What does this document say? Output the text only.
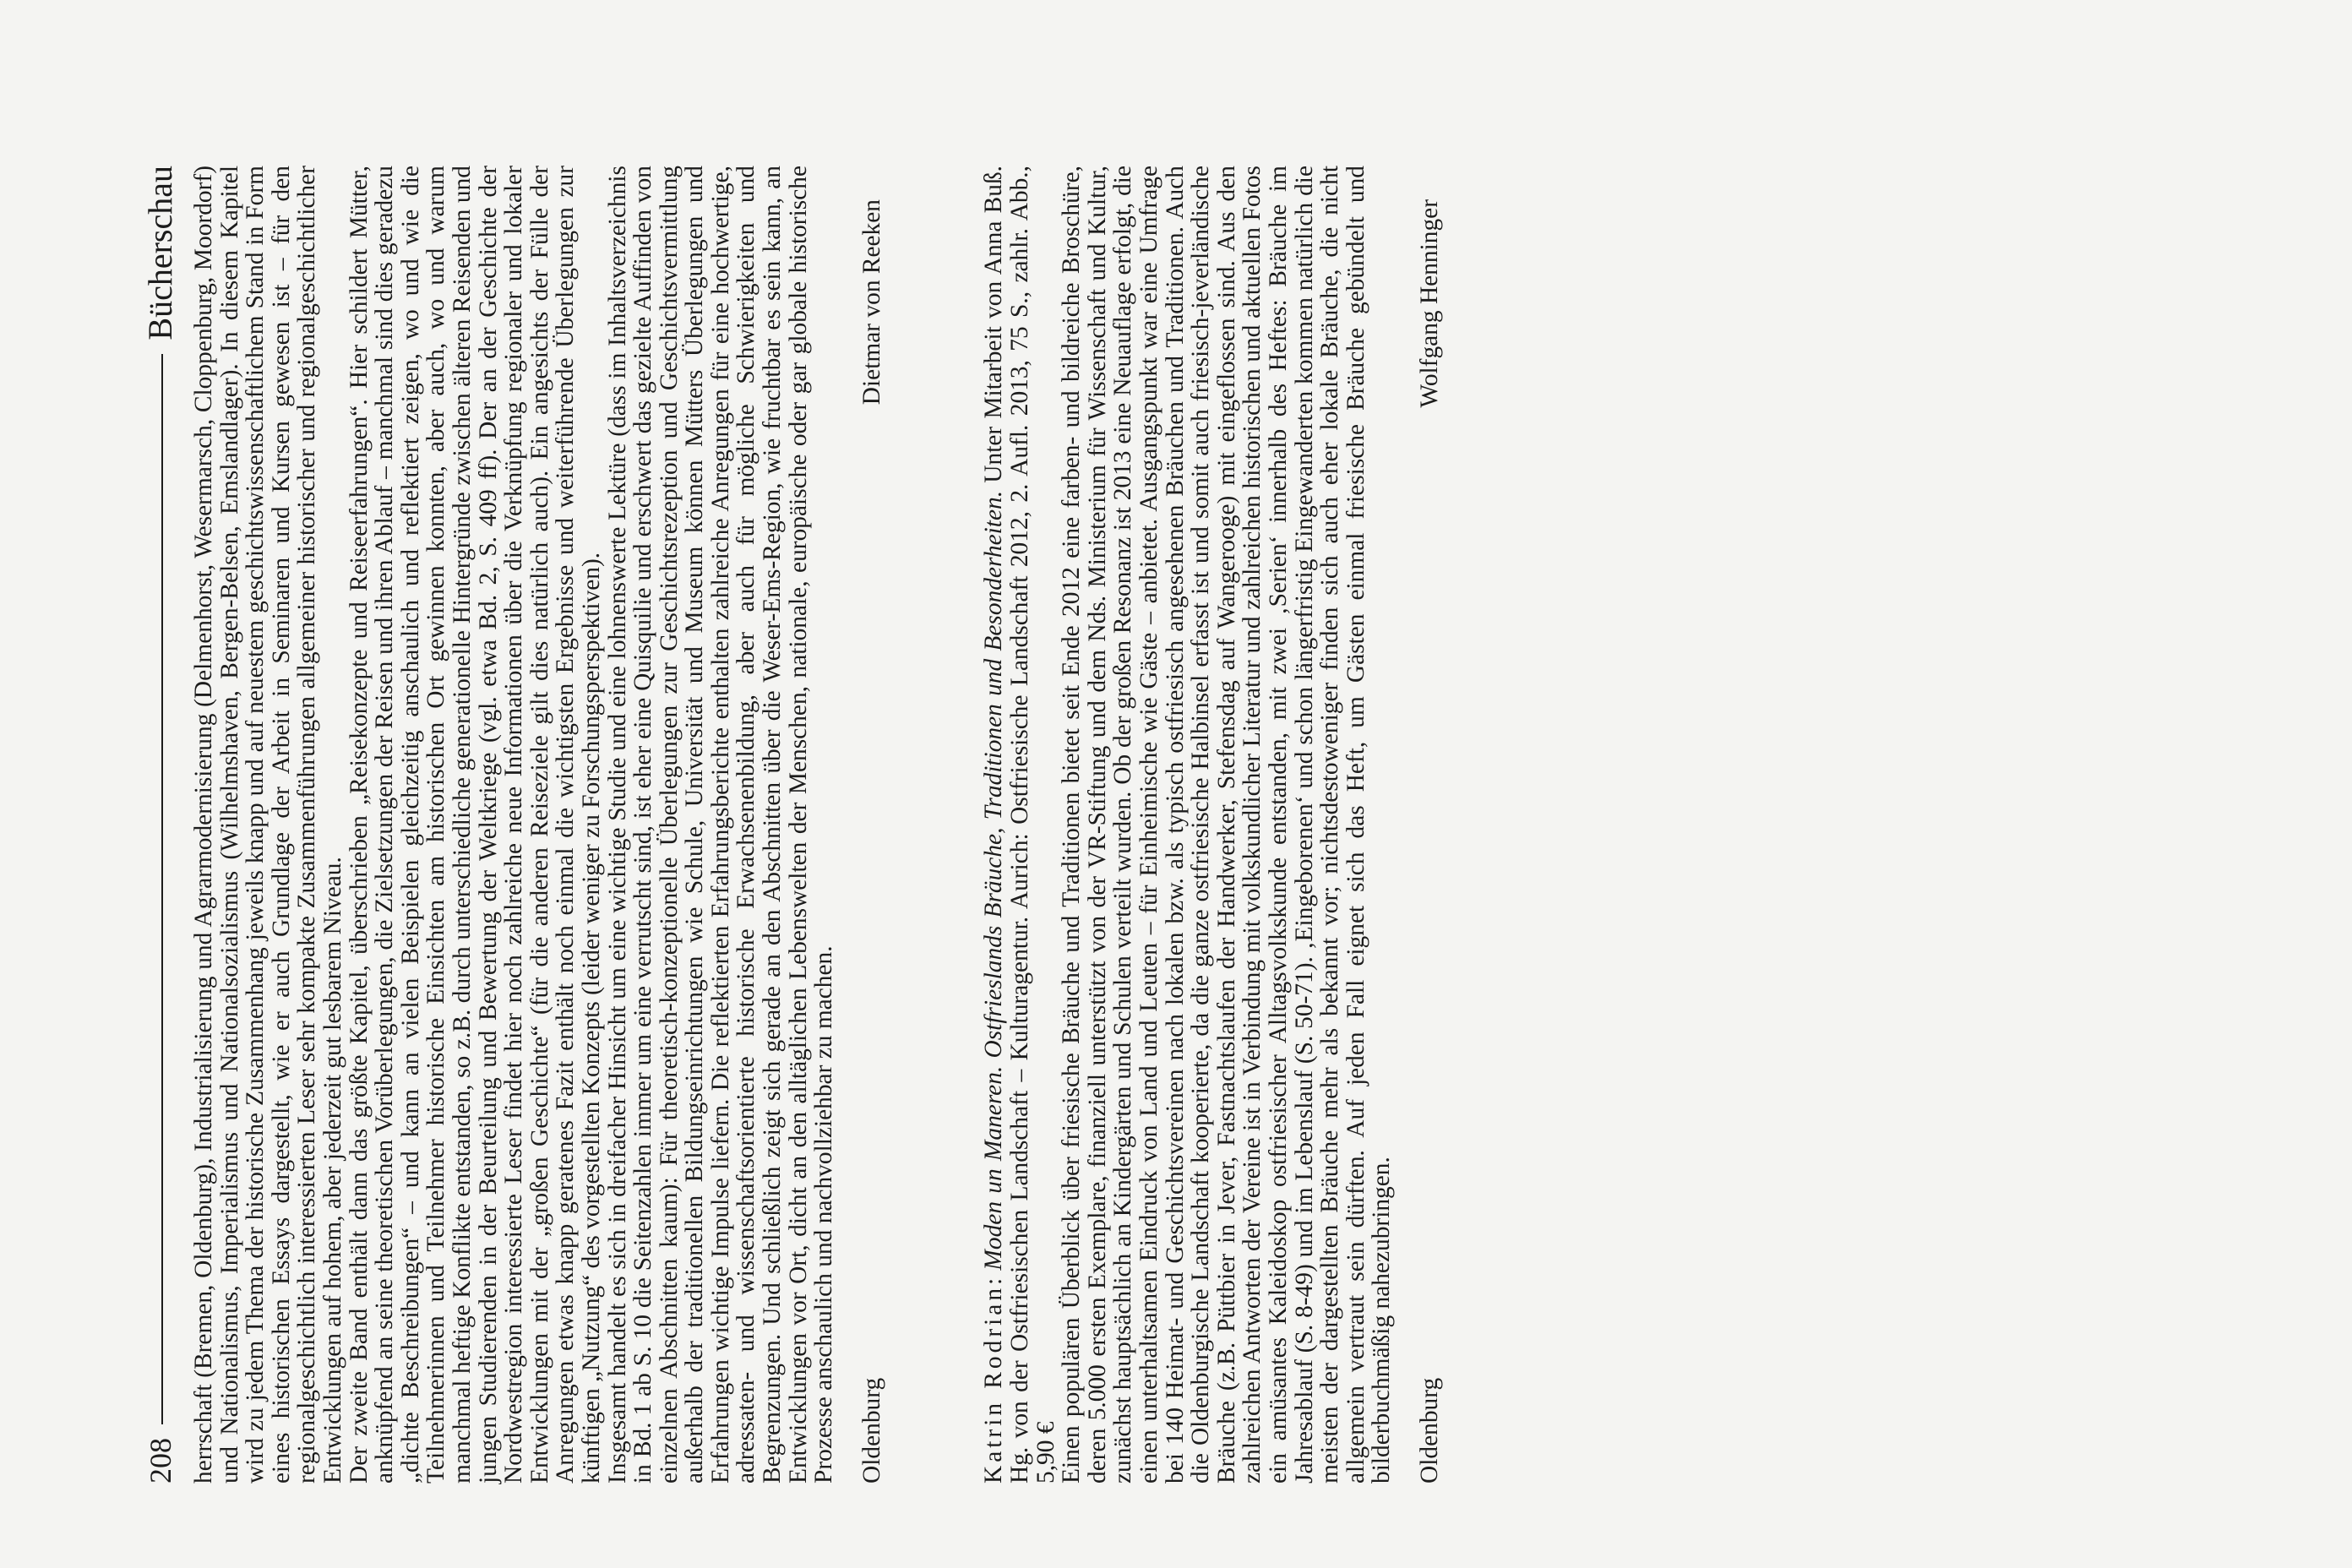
208
Bücherschau herrschaft (Bremen, Oldenburg), Industrialisierung und Agrarmodernisierung (Delmenhorst, Wesermarsch, Cloppenburg, Moordorf) und Nationalismus, Imperialismus und Nationalsozialismus (Wilhelmshaven, Bergen-Belsen, Emslandlager). In diesem Kapitel wird zu jedem Thema der historische Zusammenhang jeweils knapp und auf neuestem geschichtswissenschaftlichem Stand in Form eines historischen Essays dargestellt, wie er auch Grundlage der Arbeit in Seminaren und Kursen gewesen ist – für den regionalgeschichtlich interessierten Leser sehr kompakte Zusammenführungen allgemeiner historischer und regionalgeschichtlicher Entwicklungen auf hohem, aber jederzeit gut lesbarem Niveau.

Der zweite Band enthält dann das größte Kapitel, überschrieben „Reisekonzepte und Reiseerfahrungen“. Hier schildert Mütter, anknüpfend an seine theoretischen Vorüberlegungen, die Zielsetzungen der Reisen und ihren Ablauf – manchmal sind dies geradezu „dichte Beschreibungen“ – und kann an vielen Beispielen gleichzeitig anschaulich und reflektiert zeigen, wo und wie die Teilnehmerinnen und Teilnehmer historische Einsichten am historischen Ort gewinnen konnten, aber auch, wo und warum manchmal heftige Konflikte entstanden, so z.B. durch unterschiedliche generationelle Hintergründe zwischen älteren Reisenden und jungen Studierenden in der Beurteilung und Bewertung der Weltkriege (vgl. etwa Bd. 2, S. 409 ff). Der an der Geschichte der Nordwestregion interessierte Leser findet hier noch zahlreiche neue Informationen über die Verknüpfung regionaler und lokaler Entwicklungen mit der „großen Geschichte“ (für die anderen Reiseziele gilt dies natürlich auch). Ein angesichts der Fülle der Anregungen etwas knapp geratenes Fazit enthält noch einmal die wichtigsten Ergebnisse und weiterführende Überlegungen zur künftigen „Nutzung“ des vorgestellten Konzepts (leider weniger zu Forschungsperspektiven).

Insgesamt handelt es sich in dreifacher Hinsicht um eine wichtige Studie und eine lohnenswerte Lektüre (dass im Inhaltsverzeichnis in Bd. 1 ab S. 10 die Seitenzahlen immer um eine verrutscht sind, ist eher eine Quisquilie und erschwert das gezielte Auffinden von einzelnen Abschnitten kaum): Für theoretisch-konzeptionelle Überlegungen zur Geschichtsrezeption und Geschichtsvermittlung außerhalb der traditionellen Bildungseinrichtungen wie Schule, Universität und Museum können Mütters Überlegungen und Erfahrungen wichtige Impulse liefern. Die reflektierten Erfahrungsberichte enthalten zahlreiche Anregungen für eine hochwertige, adressaten- und wissenschaftsorientierte historische Erwachsenenbildung, aber auch für mögliche Schwierigkeiten und Begrenzungen. Und schließlich zeigt sich gerade an den Abschnitten über die Weser-Ems-Region, wie fruchtbar es sein kann, an Entwicklungen vor Ort, dicht an den alltäglichen Lebenswelten der Menschen, nationale, europäische oder gar globale historische Prozesse anschaulich und nachvollziehbar zu machen. Oldenburg
Dietmar von Reeken

Katrin Rodrian: Moden un Maneren. Ostfrieslands Bräuche, Traditionen und Besonderheiten. Unter Mitarbeit von Anna Buß. Hg. von der Ostfriesischen Landschaft – Kulturagentur. Aurich: Ostfriesische Landschaft 2012, 2. Aufl. 2013, 75 S., zahlr. Abb., 5,90 €

Einen populären Überblick über friesische Bräuche und Traditionen bietet seit Ende 2012 eine farben- und bildreiche Broschüre, deren 5.000 ersten Exemplare, finanziell unterstützt von der VR-Stiftung und dem Nds. Ministerium für Wissenschaft und Kultur, zunächst hauptsächlich an Kindergärten und Schulen verteilt wurden. Ob der großen Resonanz ist 2013 eine Neuauflage erfolgt, die einen unterhaltsamen Eindruck von Land und Leuten – für Einheimische wie Gäste – anbietet. Ausgangspunkt war eine Umfrage bei 140 Heimat- und Geschichtsvereinen nach lokalen bzw. als typisch ostfriesisch angesehenen Bräuchen und Traditionen. Auch die Oldenburgische Landschaft kooperierte, da die ganze ostfriesische Halbinsel erfasst ist und somit auch friesisch-jeverländische Bräuche (z.B. Püttbier in Jever, Fastnachtslaufen der Handwerker, Stefensdag auf Wangerooge) mit eingeflossen sind. Aus den zahlreichen Antworten der Vereine ist in Verbindung mit volkskundlicher Literatur und zahlreichen historischen und aktuellen Fotos ein amüsantes Kaleidoskop ostfriesischer Alltagsvolkskunde entstanden, mit zwei ‚Serien‘ innerhalb des Heftes: Bräuche im Jahresablauf (S. 8-49) und im Lebenslauf (S. 50-71). ‚Eingeborenen‘ und schon längerfristig Eingewanderten kommen natürlich die meisten der dargestellten Bräuche mehr als bekannt vor; nichtsdestoweniger finden sich auch eher lokale Bräuche, die nicht allgemein vertraut sein dürften. Auf jeden Fall eignet sich das Heft, um Gästen einmal friesische Bräuche gebündelt und bilderbuchmäßig nahezubringen. Oldenburg
Wolfgang Henninger
